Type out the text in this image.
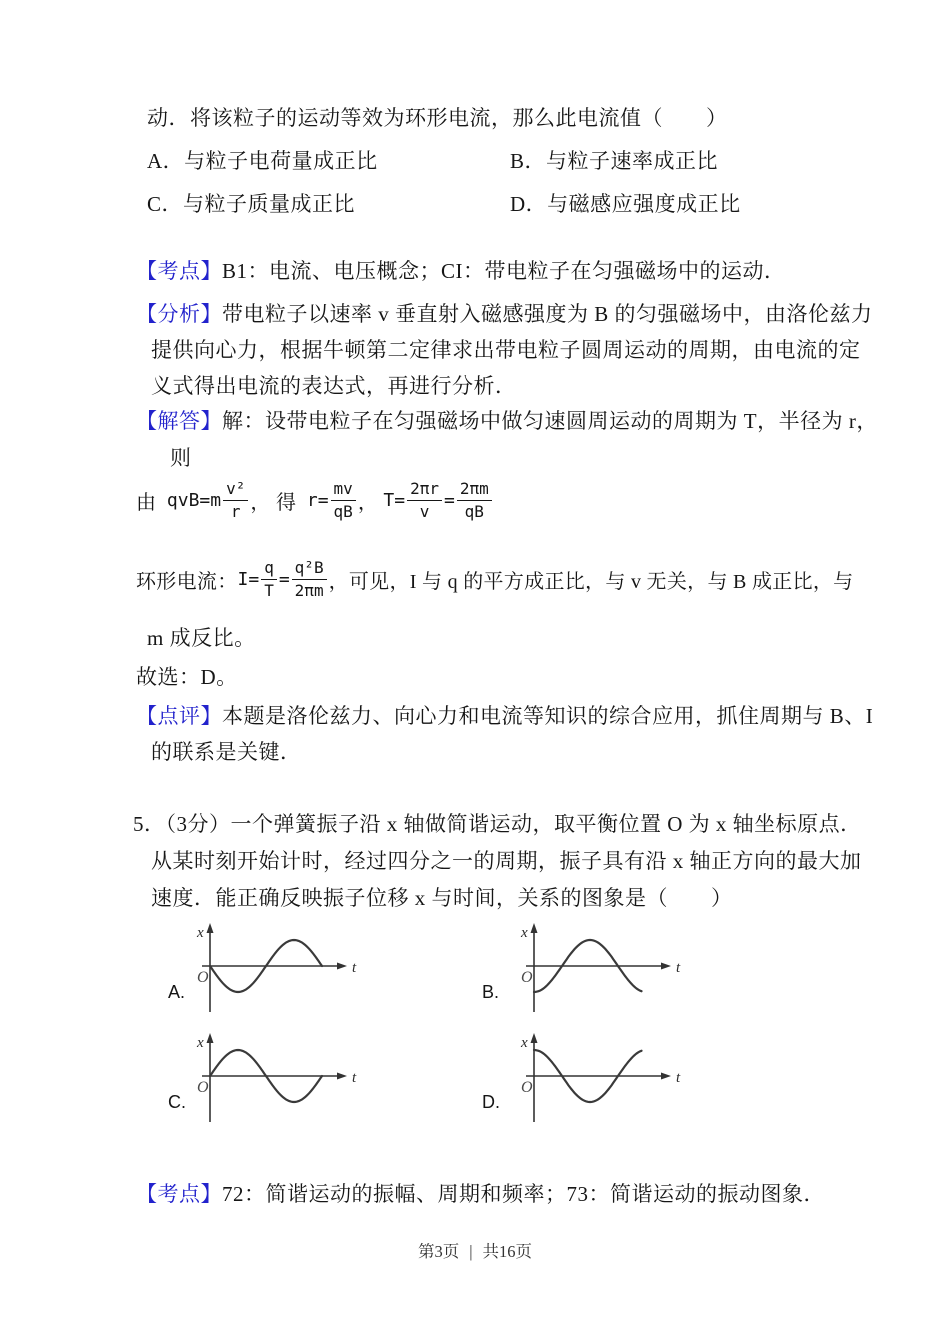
动．将该粒子的运动等效为环形电流，那么此电流值（　　）
A．与粒子电荷量成正比	B．与粒子速率成正比
C．与粒子质量成正比	D．与磁感应强度成正比
【考点】B1：电流、电压概念；CI：带电粒子在匀强磁场中的运动．
【分析】带电粒子以速率 v 垂直射入磁感强度为 B 的匀强磁场中，由洛伦兹力
提供向心力，根据牛顿第二定律求出带电粒子圆周运动的周期，由电流的定
义式得出电流的表达式，再进行分析．
【解答】解：设带电粒子在匀强磁场中做匀速圆周运动的周期为 T，半径为 r，
则
由 $qvB=m \frac{\text{v²}}{r}$ ， 得 $r= \frac{mv}{qB}$ ， $T= \frac{2\pi r}{v} = \frac{2\pi m}{qB}$
环形电流： $I= \frac{q}{T} = \frac{\text{q²B}}{2\pi m}$ ，可见，I 与 q 的平方成正比，与 v 无关，与 B 成正比，与
m 成反比。
故选：D。
【点评】本题是洛伦兹力、向心力和电流等知识的综合应用，抓住周期与 B、I
的联系是关键．
5．（3分）一个弹簧振子沿 x 轴做简谐运动，取平衡位置 O 为 x 轴坐标原点．
从某时刻开始计时，经过四分之一的周期，振子具有沿 x 轴正方向的最大加
速度．能正确反映振子位移 x 与时间，关系的图象是（　　）
A.
x
t
O
B.
x
t
O
C.
x
t
O
D.
x
t
O
【考点】72：简谐运动的振幅、周期和频率；73：简谐运动的振动图象．
第3页 | 共16页
